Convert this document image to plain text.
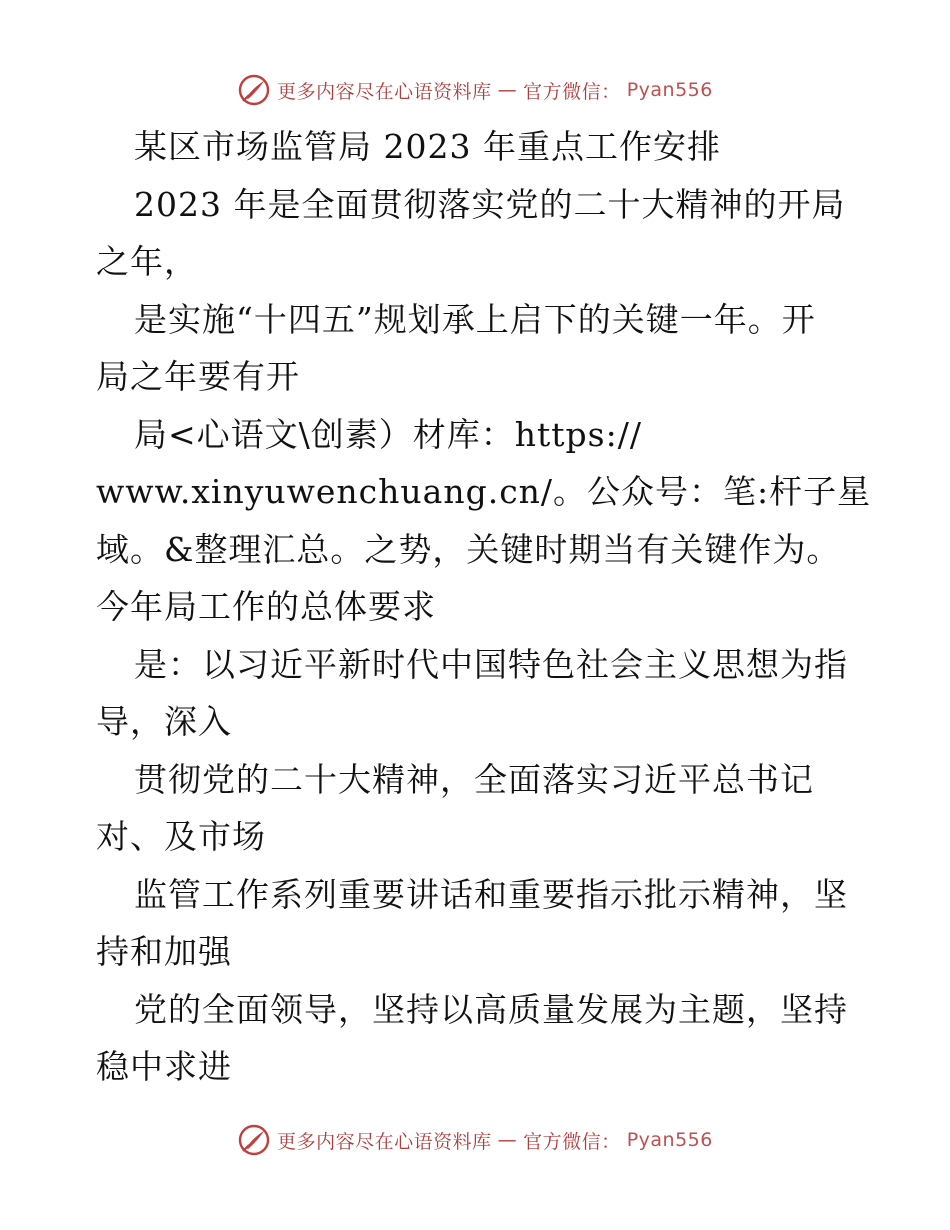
更多内容尽在心语资料库 — 官方微信： Pyan556
某区市场监管局 2023 年重点工作安排
2023 年是全面贯彻落实党的二十大精神的开局
之年，
是实施“十四五”规划承上启下的关键一年。开
局之年要有开
局<心语文\创素）材库：https://
www.xinyuwenchuang.cn/。公众号：笔:杆子星
域。&整理汇总。之势，关键时期当有关键作为。
今年局工作的总体要求
是：以习近平新时代中国特色社会主义思想为指
导，深入
贯彻党的二十大精神，全面落实习近平总书记
对、及市场
监管工作系列重要讲话和重要指示批示精神，坚
持和加强
党的全面领导，坚持以高质量发展为主题，坚持
稳中求进
更多内容尽在心语资料库 — 官方微信： Pyan556
